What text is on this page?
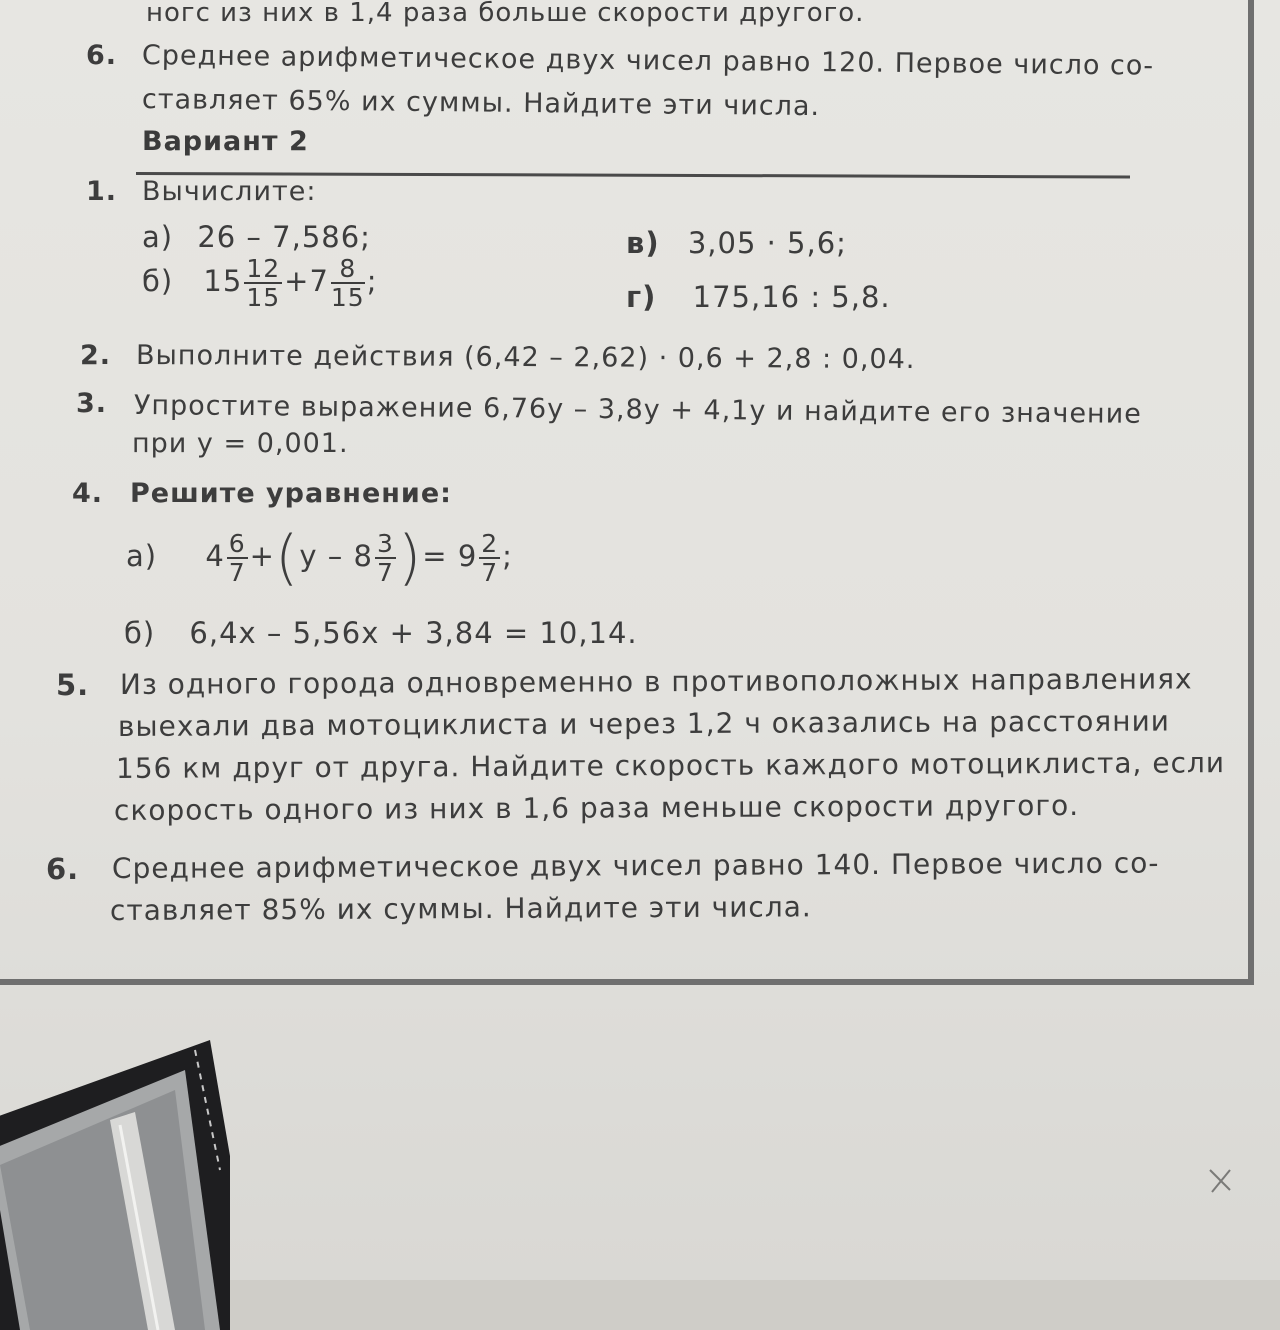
ногс из них в 1,4 раза больше скорости другого.
6. Среднее арифметическое двух чисел равно 120. Первое число со-
ставляет 65% их суммы. Найдите эти числа.
Вариант 2
1. Вычислите:
а) 26 – 7,586;	в) 3,05 · 5,6;
б) $15 \frac{12}{15} +7 \frac{8}{15}$ ;	г) 175,16 : 5,8.
2. Выполните действия (6,42 – 2,62) · 0,6 + 2,8 : 0,04.
3. Упростите выражение 6,76y – 3,8y + 4,1y и найдите его значение
при y = 0,001.
4. Решите уравнение:
а) $4 \frac{6}{7} +(y - 8 \frac{3}{7}$ )= $9 \frac{2}{7}$ ;
б) 6,4x – 5,56x + 3,84 = 10,14.
5. Из одного города одновременно в противоположных направлениях
выехали два мотоциклиста и через 1,2 ч оказались на расстоянии
156 км друг от друга. Найдите скорость каждого мотоциклиста, если
скорость одного из них в 1,6 раза меньше скорости другого.
6. Среднее арифметическое двух чисел равно 140. Первое число со-
ставляет 85% их суммы. Найдите эти числа.
